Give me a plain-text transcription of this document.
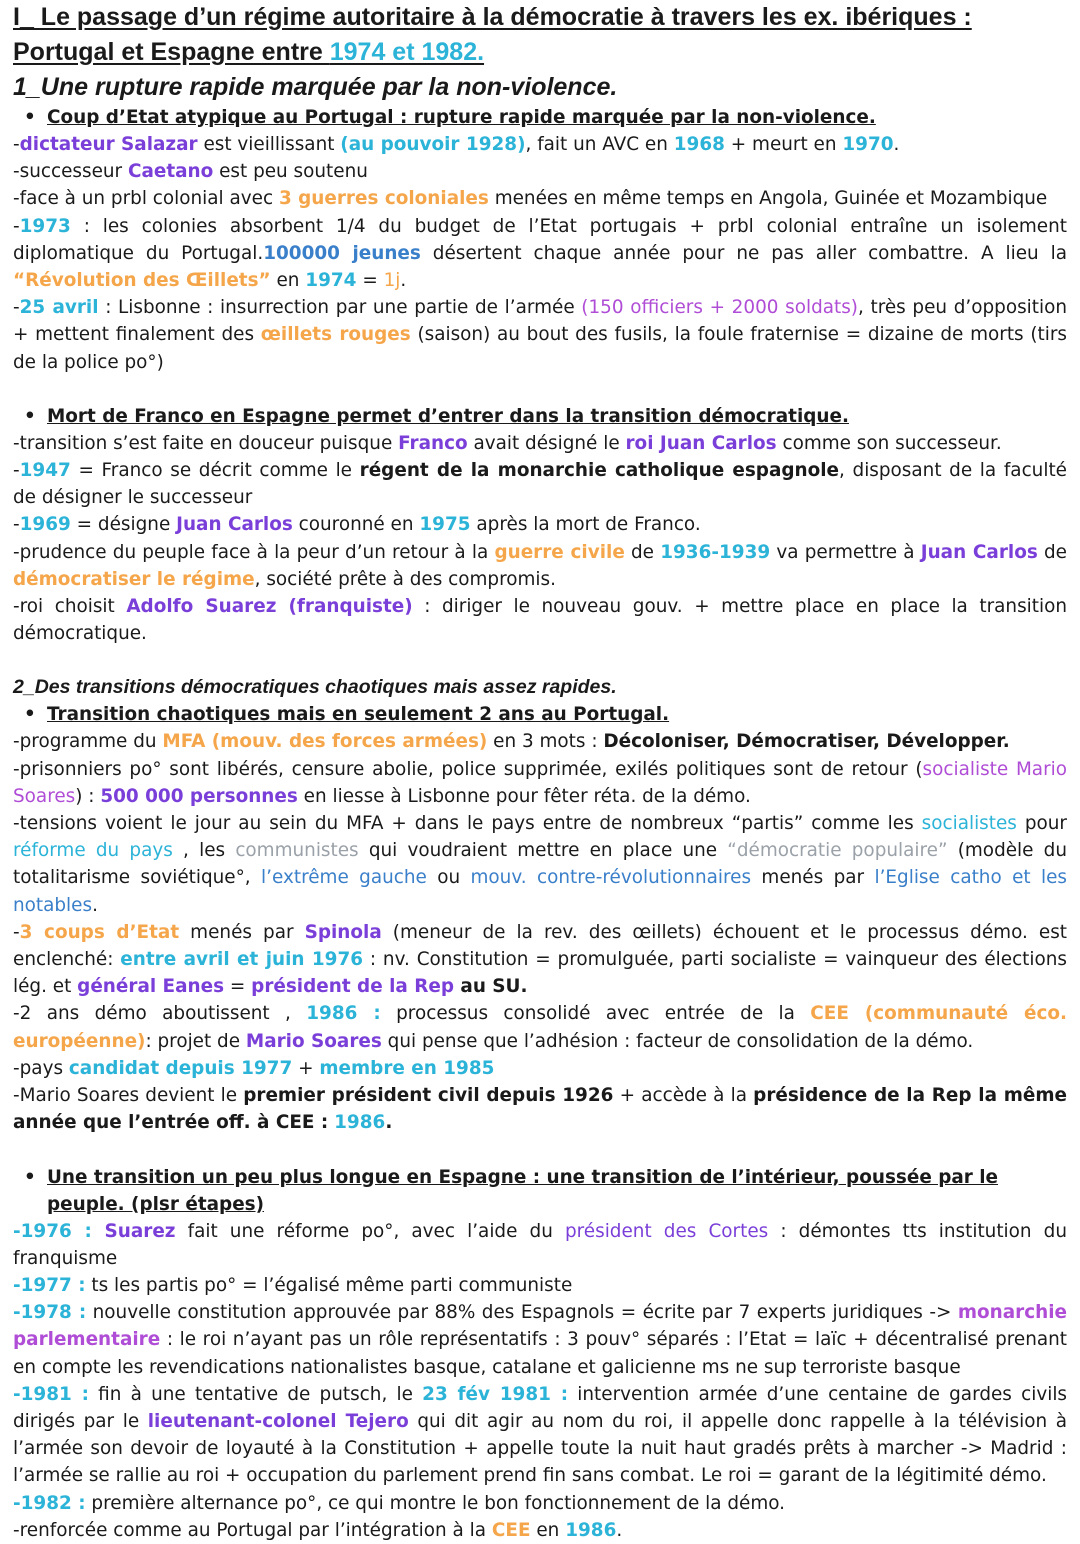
I_ Le passage d’un régime autoritaire à la démocratie à travers les ex. ibériques :

Portugal et Espagne entre 1974 et 1982.

1_Une rupture rapide marquée par la non-violence.

• Coup d’Etat atypique au Portugal : rupture rapide marquée par la non-violence.

-dictateur Salazar est vieillissant (au pouvoir 1928), fait un AVC en 1968 + meurt en 1970.

-successeur Caetano est peu soutenu

-face à un prbl colonial avec 3 guerres coloniales menées en même temps en Angola, Guinée et Mozambique

-1973 : les colonies absorbent 1/4 du budget de l’Etat portugais + prbl colonial entraîne un isolement diplomatique du Portugal.100000 jeunes désertent chaque année pour ne pas aller combattre. A lieu la “Révolution des Œillets” en 1974 = 1j.

-25 avril : Lisbonne : insurrection par une partie de l’armée (150 officiers + 2000 soldats), très peu d’opposition + mettent finalement des œillets rouges (saison) au bout des fusils, la foule fraternise = dizaine de morts (tirs de la police po°)

• Mort de Franco en Espagne permet d’entrer dans la transition démocratique.

-transition s’est faite en douceur puisque Franco avait désigné le roi Juan Carlos comme son successeur.

-1947 = Franco se décrit comme le régent de la monarchie catholique espagnole, disposant de la faculté de désigner le successeur

-1969 = désigne Juan Carlos couronné en 1975 après la mort de Franco.

-prudence du peuple face à la peur d’un retour à la guerre civile de 1936-1939 va permettre à Juan Carlos de démocratiser le régime, société prête à des compromis.

-roi choisit Adolfo Suarez (franquiste) : diriger le nouveau gouv. + mettre place en place la transition démocratique.

2_Des transitions démocratiques chaotiques mais assez rapides.

• Transition chaotiques mais en seulement 2 ans au Portugal.

-programme du MFA (mouv. des forces armées) en 3 mots : Décoloniser, Démocratiser, Développer.

-prisonniers po° sont libérés, censure abolie, police supprimée, exilés politiques sont de retour (socialiste Mario Soares) : 500 000 personnes en liesse à Lisbonne pour fêter réta. de la démo.

-tensions voient le jour au sein du MFA + dans le pays entre de nombreux “partis” comme les socialistes pour réforme du pays , les communistes qui voudraient mettre en place une “démocratie populaire” (modèle du totalitarisme soviétique°, l’extrême gauche ou mouv. contre-révolutionnaires menés par l’Eglise catho et les notables.

-3 coups d’Etat menés par Spinola (meneur de la rev. des œillets) échouent et le processus démo. est enclenché: entre avril et juin 1976 : nv. Constitution = promulguée, parti socialiste = vainqueur des élections lég. et général Eanes = président de la Rep au SU.

-2 ans démo aboutissent , 1986 : processus consolidé avec entrée de la CEE (communauté éco. européenne): projet de Mario Soares qui pense que l’adhésion : facteur de consolidation de la démo.

-pays candidat depuis 1977 + membre en 1985

-Mario Soares devient le premier président civil depuis 1926 + accède à la présidence de la Rep la même année que l’entrée off. à CEE : 1986.

• Une transition un peu plus longue en Espagne : une transition de l’intérieur, poussée par le peuple. (plsr étapes)

-1976 : Suarez fait une réforme po°, avec l’aide du président des Cortes : démontes tts institution du franquisme

-1977 : ts les partis po° = l’égalisé même parti communiste

-1978 : nouvelle constitution approuvée par 88% des Espagnols = écrite par 7 experts juridiques -> monarchie parlementaire : le roi n’ayant pas un rôle représentatifs : 3 pouv° séparés : l’Etat = laïc + décentralisé prenant en compte les revendications nationalistes basque, catalane et galicienne ms ne sup terroriste basque

-1981 : fin à une tentative de putsch, le 23 fév 1981 : intervention armée d’une centaine de gardes civils dirigés par le lieutenant-colonel Tejero qui dit agir au nom du roi, il appelle donc rappelle à la télévision à l’armée son devoir de loyauté à la Constitution + appelle toute la nuit haut gradés prêts à marcher -> Madrid : l’armée se rallie au roi + occupation du parlement prend fin sans combat. Le roi = garant de la légitimité démo.

-1982 : première alternance po°, ce qui montre le bon fonctionnement de la démo.

-renforcée comme au Portugal par l’intégration à la CEE en 1986.
